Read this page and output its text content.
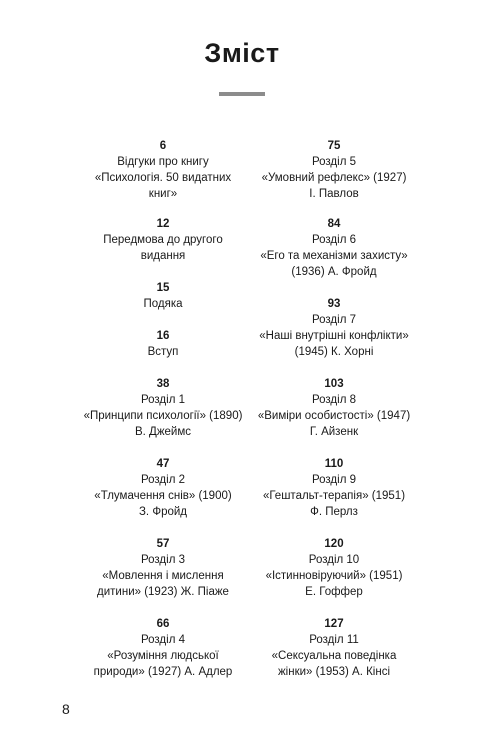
Зміст
6
Відгуки про книгу
«Психологія. 50 видатних
книг»
12
Передмова до другого
видання
15
Подяка
16
Вступ
38
Розділ 1
«Принципи психології» (1890)
В. Джеймс
47
Розділ 2
«Тлумачення снів» (1900)
З. Фройд
57
Розділ 3
«Мовлення і мислення
дитини» (1923) Ж. Піаже
66
Розділ 4
«Розуміння людської
природи» (1927) А. Адлер
75
Розділ 5
«Умовний рефлекс» (1927)
І. Павлов
84
Розділ 6
«Его та механізми захисту»
(1936) А. Фройд
93
Розділ 7
«Наші внутрішні конфлікти»
(1945) К. Хорні
103
Розділ 8
«Виміри особистості» (1947)
Г. Айзенк
110
Розділ 9
«Гештальт-терапія» (1951)
Ф. Перлз
120
Розділ 10
«Істинновіруючий» (1951)
Е. Гоффер
127
Розділ 11
«Сексуальна поведінка
жінки» (1953) А. Кінсі
8
